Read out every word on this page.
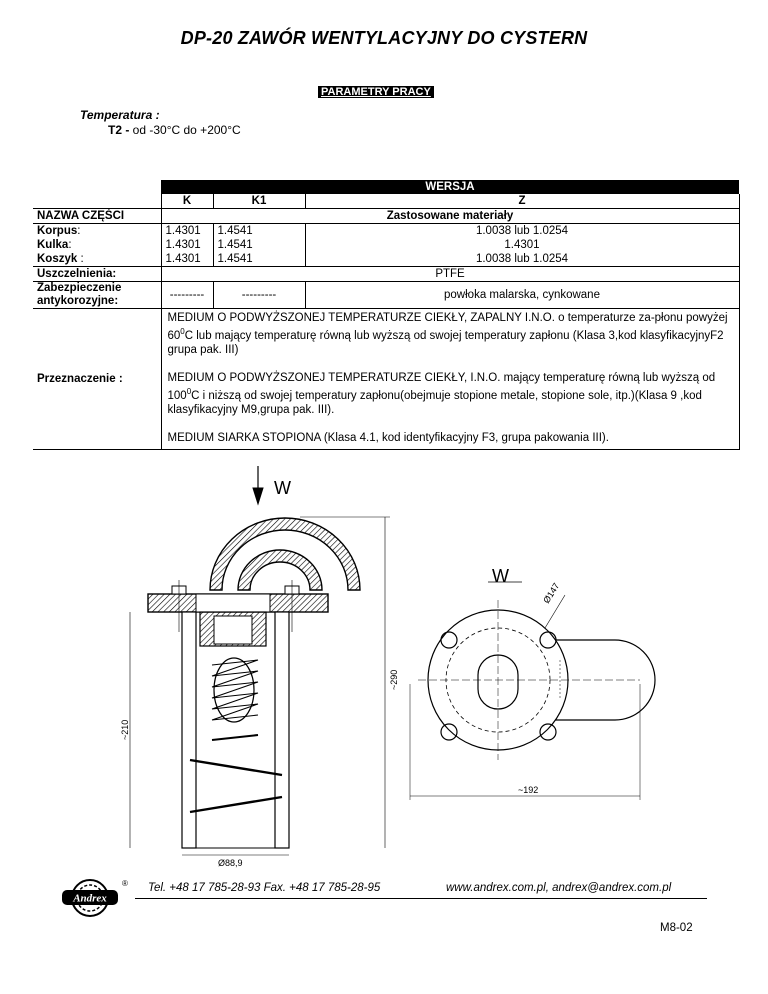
DP-20 ZAWÓR WENTYLACYJNY DO CYSTERN
PARAMETRY PRACY
Temperatura :
T2 - od -30°C do +200°C
	WERSJA		
	K	K1	Z
NAZWA CZĘŚCI	Zastosowane materiały		
Korpus:	1.4301	1.4541	1.0038 lub 1.0254
Kulka:	1.4301	1.4541	1.4301
Koszyk :	1.4301	1.4541	1.0038 lub 1.0254
Uszczelnienia:	PTFE		
Zabezpieczenie
antykorozyjne:	---------	---------	powłoka malarska, cynkowane
Przeznaczenie :	MEDIUM O PODWYŻSZONEJ TEMPERATURZE CIEKŁY, ZAPALNY I.N.O. o temperaturze za-płonu powyżej $60^0C$ lub mający temperaturę równą lub wyższą od swojej temperatury zapłonu (Klasa 3,kod klasyfikacyjnyF2 grupa pak. III)

MEDIUM O PODWYŻSZONEJ TEMPERATURZE CIEKŁY, I.N.O. mający temperaturę równą lub wyższą od $100^0C$ i niższą od swojej temperatury zapłonu(obejmuje stopione metale, stopione sole, itp.)(Klasa 9 ,kod klasyfikacyjny M9,grupa pak. III).

MEDIUM SIARKA STOPIONA (Klasa 4.1, kod identyfikacyjny F3, grupa pakowania III).		

W
~210
~290
Ø88,9
W
Ø147
~192
Andrex
® Tel. +48 17 785-28-93 Fax. +48 17 785-28-95	www.andrex.com.pl, andrex@andrex.com.pl
M8-02
